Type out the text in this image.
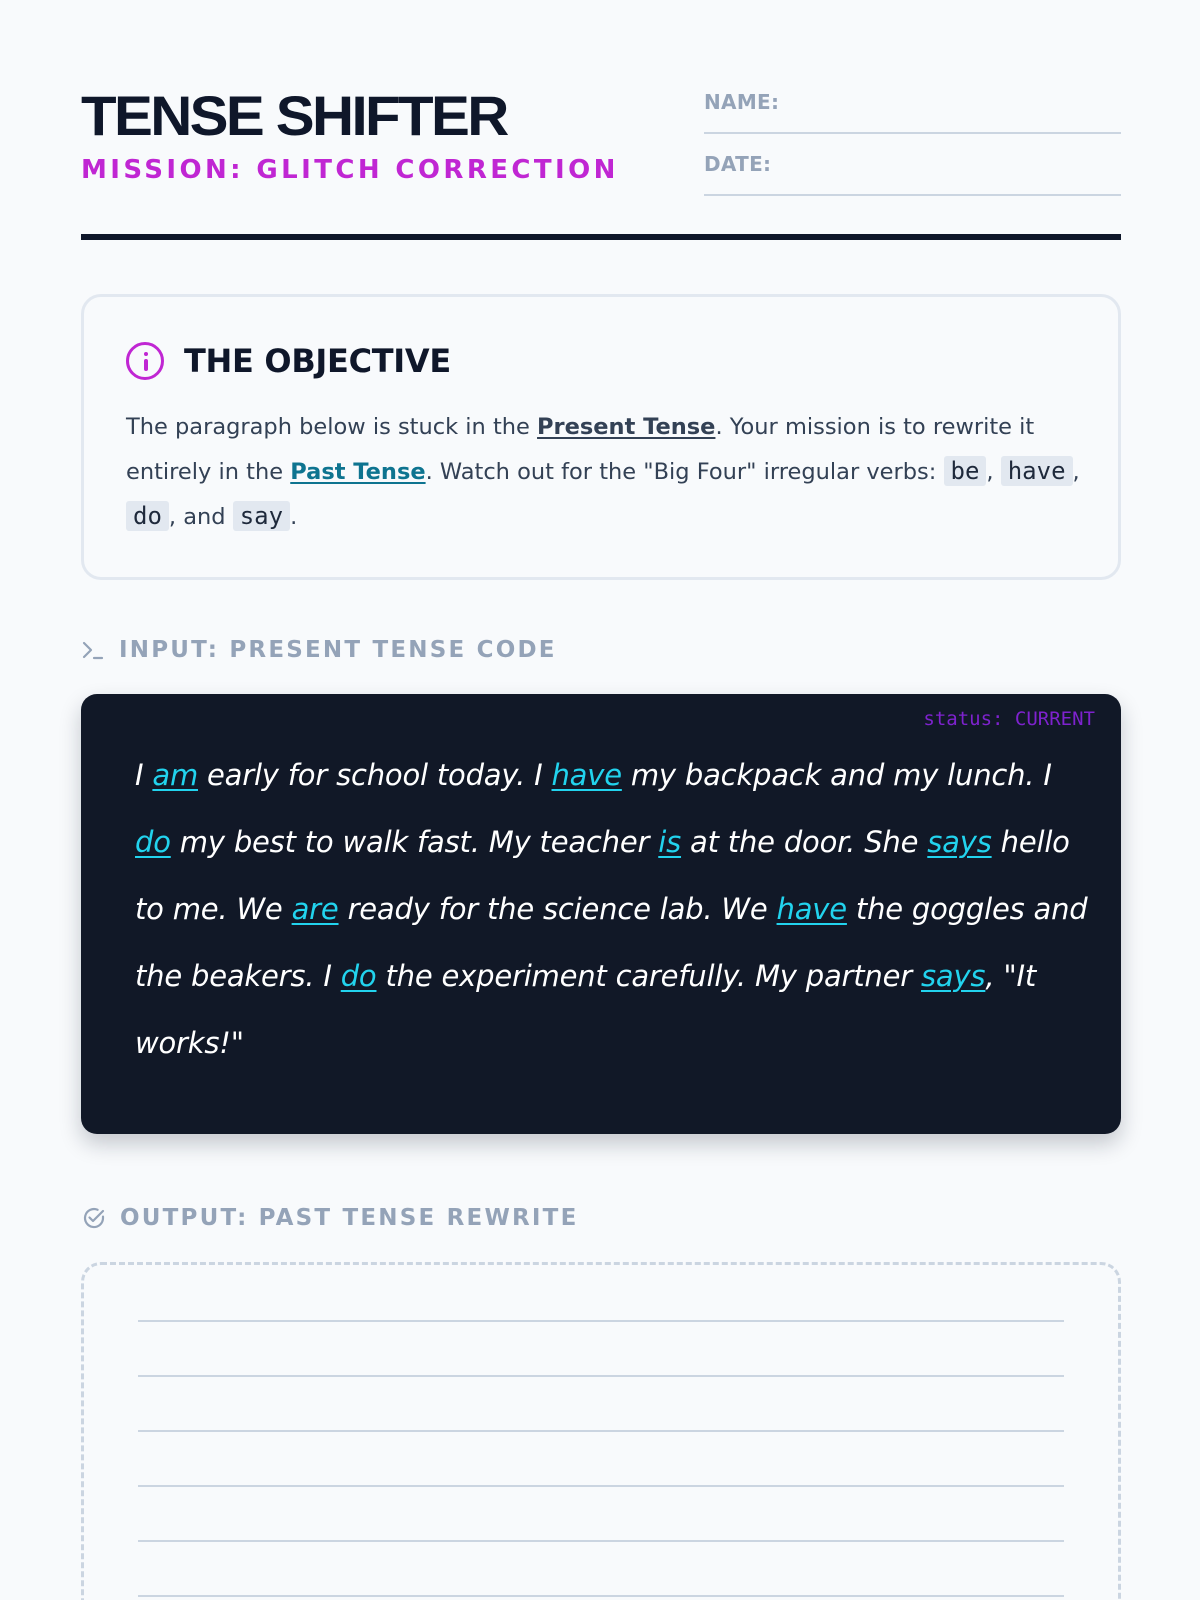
TENSE SHIFTER
MISSION: GLITCH CORRECTION
NAME:
DATE:
THE OBJECTIVE

The paragraph below is stuck in the Present Tense. Your mission is to rewrite it entirely in the Past Tense. Watch out for the "Big Four" irregular verbs: be , have , do , and say .

INPUT: PRESENT TENSE CODE
status: CURRENT

I am early for school today. I have my backpack and my lunch. I do my best to walk fast. My teacher is at the door. She says hello to me. We are ready for the science lab. We have the goggles and the beakers. I do the experiment carefully. My partner says, "It works!"

OUTPUT: PAST TENSE REWRITE
